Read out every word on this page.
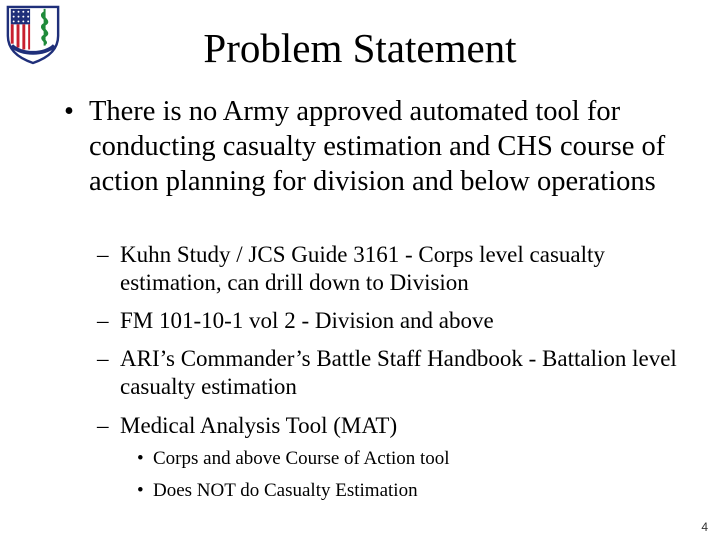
Problem Statement
• There is no Army approved automated tool for conducting casualty estimation and CHS course of action planning for division and below operations
– Kuhn Study / JCS Guide 3161 - Corps level casualty estimation, can drill down to Division
– FM 101-10-1 vol 2 - Division and above
– ARI’s Commander’s Battle Staff Handbook - Battalion level casualty estimation
– Medical Analysis Tool (MAT)
• Corps and above Course of Action tool
• Does NOT do Casualty Estimation
4
